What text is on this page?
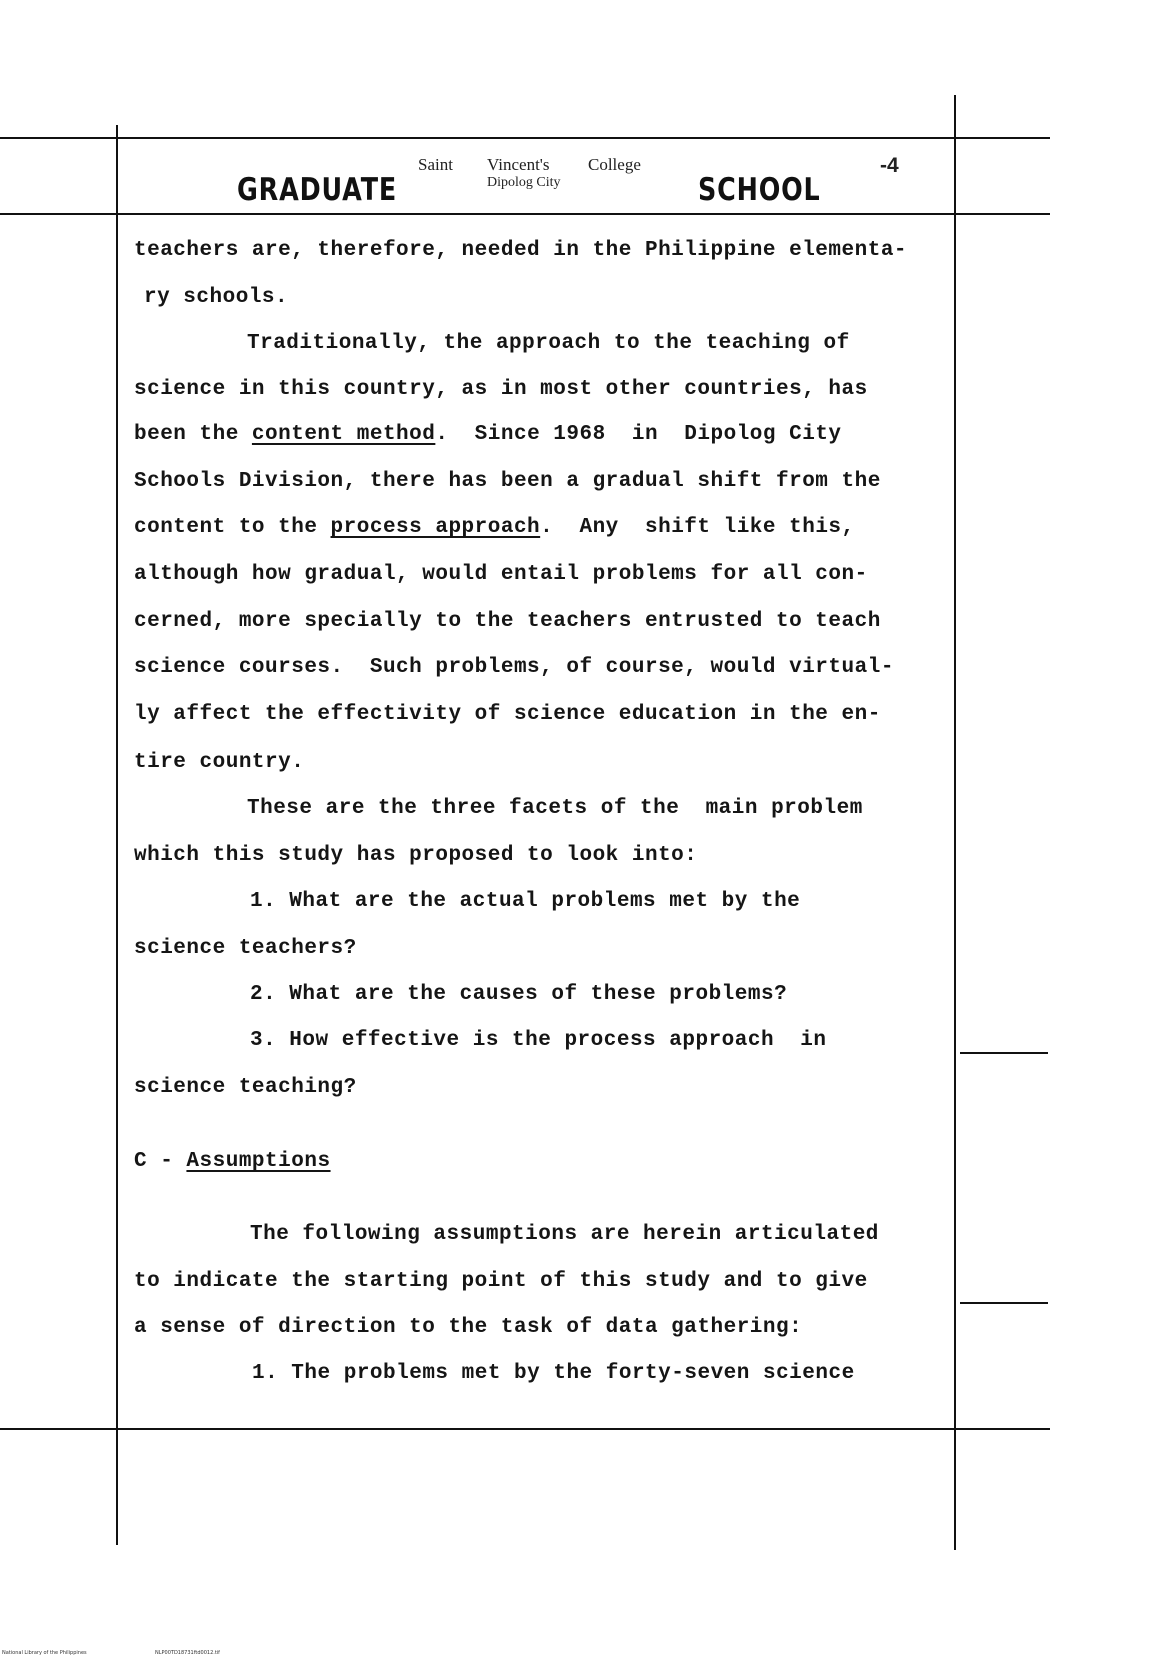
GRADUATE
Saint Vincent's College
Dipolog City	SCHOOL
-4
teachers are, therefore, needed in the Philippine elementa-
ry schools.
Traditionally, the approach to the teaching of
science in this country, as in most other countries, has
been the content method.  Since 1968  in  Dipolog City
Schools Division, there has been a gradual shift from the
content to the process approach.  Any  shift like this,
although how gradual, would entail problems for all con-
cerned, more specially to the teachers entrusted to teach
science courses.  Such problems, of course, would virtual-
ly affect the effectivity of science education in the en-
tire country.
These are the three facets of the  main problem
which this study has proposed to look into:
1. What are the actual problems met by the
science teachers?
2. What are the causes of these problems?
3. How effective is the process approach  in
science teaching?
C - Assumptions
The following assumptions are herein articulated
to indicate the starting point of this study and to give
a sense of direction to the task of data gathering:
1. The problems met by the forty-seven science
National Library of the Philippines	NLP00TD18731ftd0012.tif
